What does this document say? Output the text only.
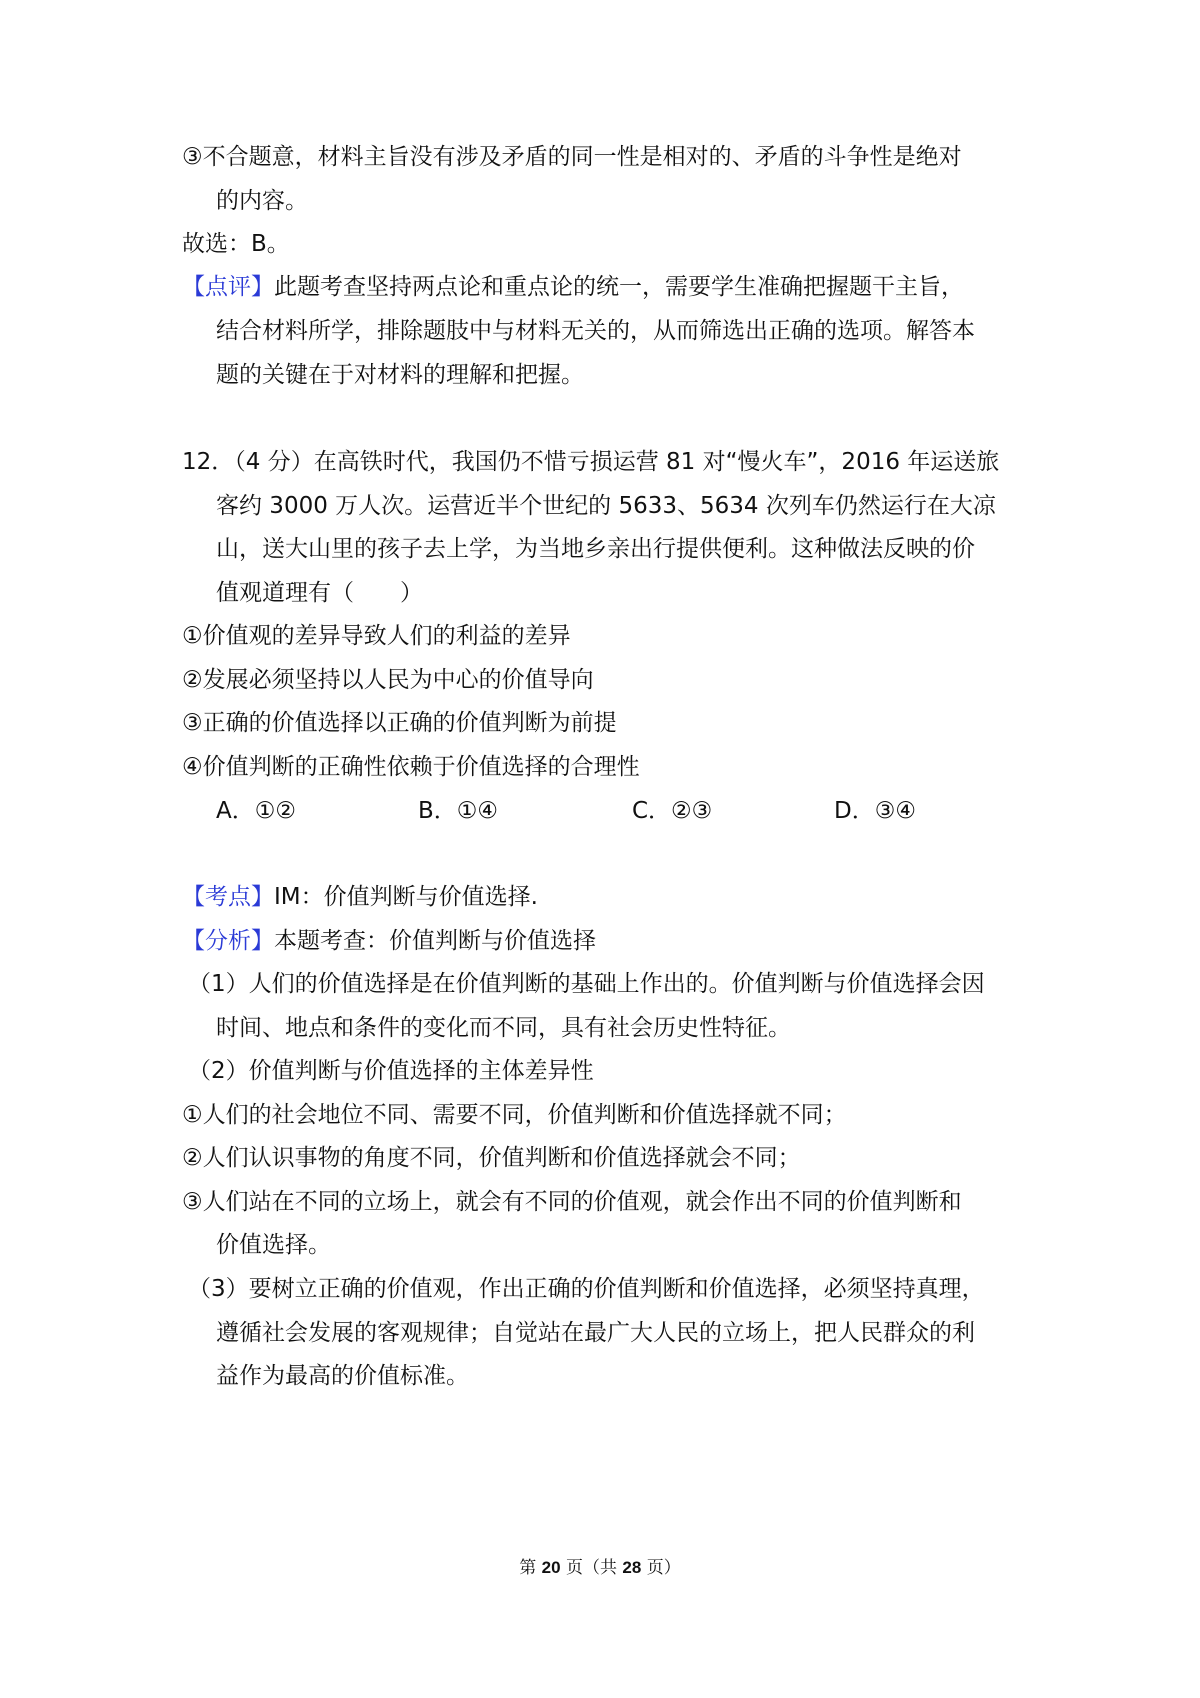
③不合题意，材料主旨没有涉及矛盾的同一性是相对的、矛盾的斗争性是绝对
的内容。
故选：B。
【点评】此题考查坚持两点论和重点论的统一，需要学生准确把握题干主旨，
结合材料所学，排除题肢中与材料无关的，从而筛选出正确的选项。解答本
题的关键在于对材料的理解和把握。
12．（4 分）在高铁时代，我国仍不惜亏损运营 81 对“慢火车”，2016 年运送旅
客约 3000 万人次。运营近半个世纪的 5633、5634 次列车仍然运行在大凉
山，送大山里的孩子去上学，为当地乡亲出行提供便利。这种做法反映的价
值观道理有（　　）
①价值观的差异导致人们的利益的差异
②发展必须坚持以人民为中心的价值导向
③正确的价值选择以正确的价值判断为前提
④价值判断的正确性依赖于价值选择的合理性
A．①②	B．①④	C．②③	D．③④
【考点】IM：价值判断与价值选择.
【分析】本题考查：价值判断与价值选择
（1）人们的价值选择是在价值判断的基础上作出的。价值判断与价值选择会因
时间、地点和条件的变化而不同，具有社会历史性特征。
（2）价值判断与价值选择的主体差异性
①人们的社会地位不同、需要不同，价值判断和价值选择就不同；
②人们认识事物的角度不同，价值判断和价值选择就会不同；
③人们站在不同的立场上，就会有不同的价值观，就会作出不同的价值判断和
价值选择。
（3）要树立正确的价值观，作出正确的价值判断和价值选择，必须坚持真理，
遵循社会发展的客观规律；自觉站在最广大人民的立场上，把人民群众的利
益作为最高的价值标准。
第 20 页（共 28 页）
